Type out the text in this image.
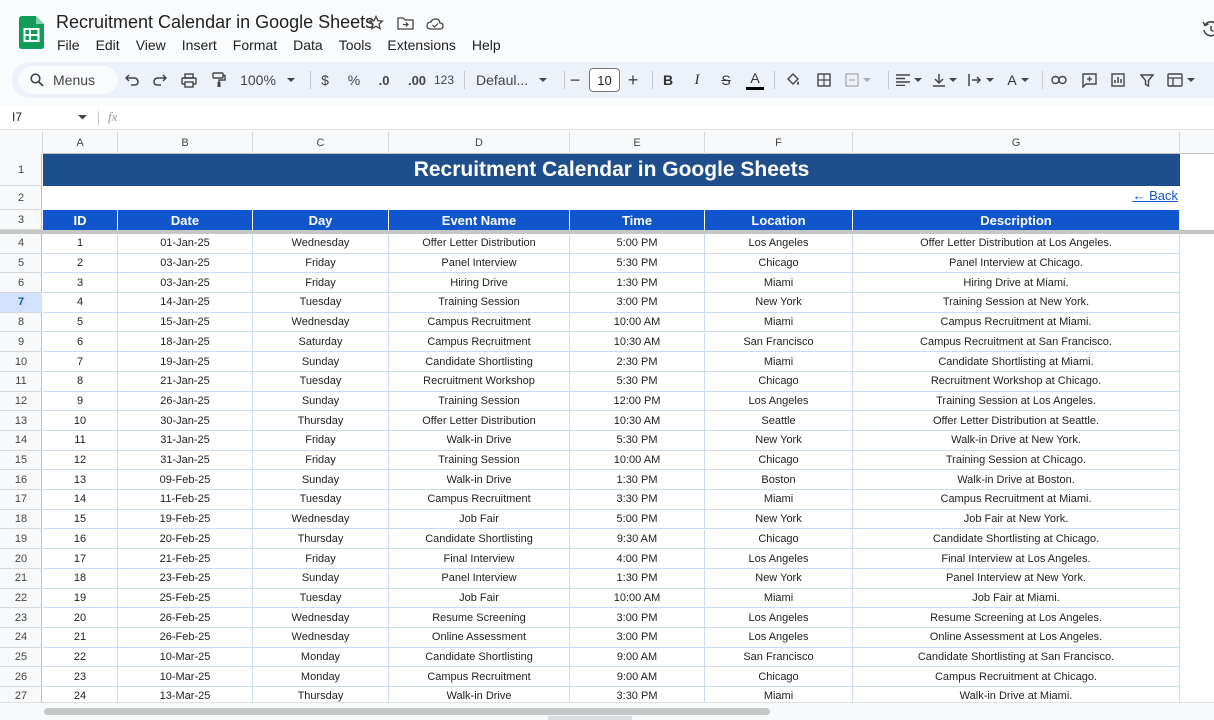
Recruitment Calendar in Google Sheets
File	Edit	View	Insert	Format	Data	Tools	Extensions	Help
Menus	100%	$	%	.0 .00 123 Defaul... −	10 +	B	I	S	A	A
I7	fx
A	B	C	D	E	F	G
1
2
3
4
5
6
7
8
9
10
11
12
13
14
15
16
17
18
19
20
21
22
23
24
25
26
27
Recruitment Calendar in Google Sheets
← Back
ID	Date	Day	Event Name	Time	Location	Description
1	01-Jan-25	Wednesday	Offer Letter Distribution	5:00 PM	Los Angeles	Offer Letter Distribution at Los Angeles.
2	03-Jan-25	Friday	Panel Interview	5:30 PM	Chicago	Panel Interview at Chicago.
3	03-Jan-25	Friday	Hiring Drive	1:30 PM	Miami	Hiring Drive at Miami.
4	14-Jan-25	Tuesday	Training Session	3:00 PM	New York	Training Session at New York.
5	15-Jan-25	Wednesday	Campus Recruitment	10:00 AM	Miami	Campus Recruitment at Miami.
6	18-Jan-25	Saturday	Campus Recruitment	10:30 AM	San Francisco	Campus Recruitment at San Francisco.
7	19-Jan-25	Sunday	Candidate Shortlisting	2:30 PM	Miami	Candidate Shortlisting at Miami.
8	21-Jan-25	Tuesday	Recruitment Workshop	5:30 PM	Chicago	Recruitment Workshop at Chicago.
9	26-Jan-25	Sunday	Training Session	12:00 PM	Los Angeles	Training Session at Los Angeles.
10	30-Jan-25	Thursday	Offer Letter Distribution	10:30 AM	Seattle	Offer Letter Distribution at Seattle.
11	31-Jan-25	Friday	Walk-in Drive	5:30 PM	New York	Walk-in Drive at New York.
12	31-Jan-25	Friday	Training Session	10:00 AM	Chicago	Training Session at Chicago.
13	09-Feb-25	Sunday	Walk-in Drive	1:30 PM	Boston	Walk-in Drive at Boston.
14	11-Feb-25	Tuesday	Campus Recruitment	3:30 PM	Miami	Campus Recruitment at Miami.
15	19-Feb-25	Wednesday	Job Fair	5:00 PM	New York	Job Fair at New York.
16	20-Feb-25	Thursday	Candidate Shortlisting	9:30 AM	Chicago	Candidate Shortlisting at Chicago.
17	21-Feb-25	Friday	Final Interview	4:00 PM	Los Angeles	Final Interview at Los Angeles.
18	23-Feb-25	Sunday	Panel Interview	1:30 PM	New York	Panel Interview at New York.
19	25-Feb-25	Tuesday	Job Fair	10:00 AM	Miami	Job Fair at Miami.
20	26-Feb-25	Wednesday	Resume Screening	3:00 PM	Los Angeles	Resume Screening at Los Angeles.
21	26-Feb-25	Wednesday	Online Assessment	3:00 PM	Los Angeles	Online Assessment at Los Angeles.
22	10-Mar-25	Monday	Candidate Shortlisting	9:00 AM	San Francisco	Candidate Shortlisting at San Francisco.
23	10-Mar-25	Monday	Campus Recruitment	9:00 AM	Chicago	Campus Recruitment at Chicago.
24	13-Mar-25	Thursday	Walk-in Drive	3:30 PM	Miami	Walk-in Drive at Miami.
